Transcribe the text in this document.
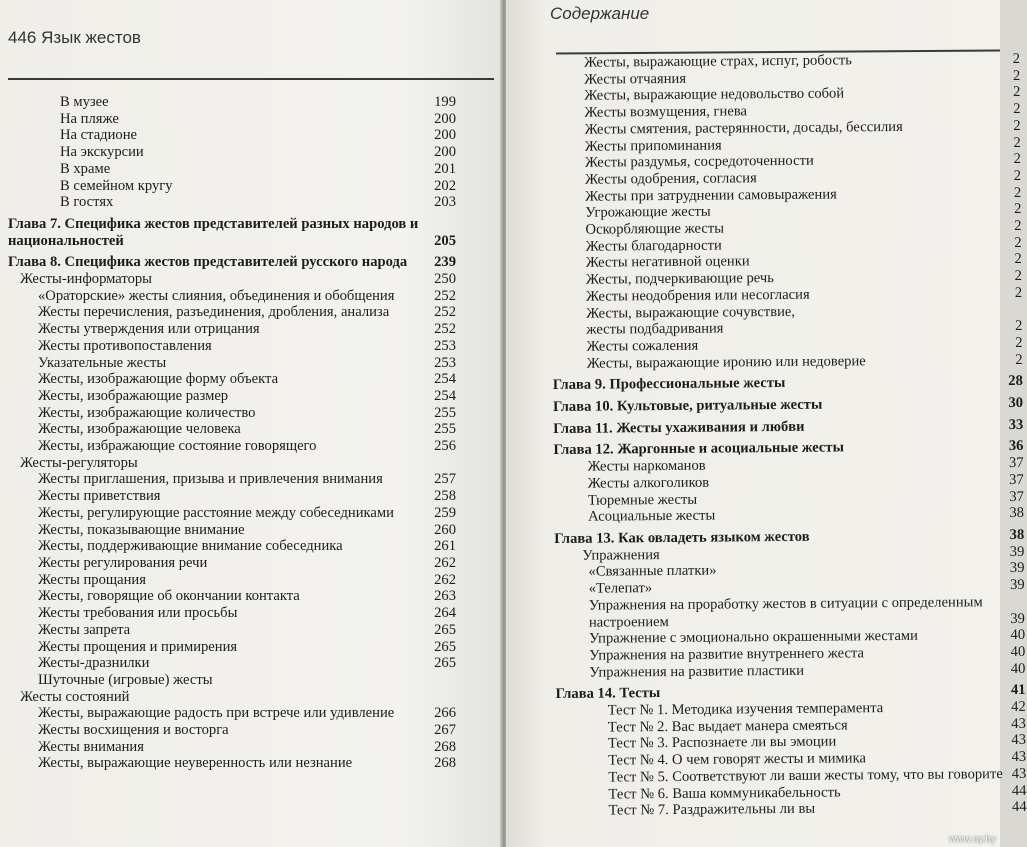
446 Язык жестов
В музее	199
На пляже	200
На стадионе	200
На экскурсии	200
В храме	201
В семейном кругу	202
В гостях	203
Глава 7. Специфика жестов представителей разных народов и национальностей	205
Глава 8. Специфика жестов представителей русского народа	239
Жесты-информаторы	250
«Ораторские» жесты слияния, объединения и обобщения	252
Жесты перечисления, разъединения, дробления, анализа	252
Жесты утверждения или отрицания	252
Жесты противопоставления	253
Указательные жесты	253
Жесты, изображающие форму объекта	254
Жесты, изображающие размер	254
Жесты, изображающие количество	255
Жесты, изображающие человека	255
Жесты, избражающие состояние говорящего	256
Жесты-регуляторы
Жесты приглашения, призыва и привлечения внимания	257
Жесты приветствия	258
Жесты, регулирующие расстояние между собеседниками	259
Жесты, показывающие внимание	260
Жесты, поддерживающие внимание собеседника	261
Жесты регулирования речи	262
Жесты прощания	262
Жесты, говорящие об окончании контакта	263
Жесты требования или просьбы	264
Жесты запрета	265
Жесты прощения и примирения	265
Жесты-дразнилки	265
Шуточные (игровые) жесты
Жесты состояний
Жесты, выражающие радость при встрече или удивление	266
Жесты восхищения и восторга	267
Жесты внимания	268
Жесты, выражающие неуверенность или незнание	268
Содержание
Жесты, выражающие страх, испуг, робость	2
Жесты отчаяния	2
Жесты, выражающие недовольство собой	2
Жесты возмущения, гнева	2
Жесты смятения, растерянности, досады, бессилия	2
Жесты припоминания	2
Жесты раздумья, сосредоточенности	2
Жесты одобрения, согласия	2
Жесты при затруднении самовыражения	2
Угрожающие жесты	2
Оскорбляющие жесты	2
Жесты благодарности	2
Жесты негативной оценки	2
Жесты, подчеркивающие речь	2
Жесты неодобрения или несогласия	2
Жесты, выражающие сочувствие,
жесты подбадривания	2
Жесты сожаления	2
Жесты, выражающие иронию или недоверие	2
Глава 9. Профессиональные жесты	28
Глава 10. Культовые, ритуальные жесты	30
Глава 11. Жесты ухаживания и любви	33
Глава 12. Жаргонные и асоциальные жесты	36
Жесты наркоманов	37
Жесты алкоголиков	37
Тюремные жесты	37
Асоциальные жесты	38
Глава 13. Как овладеть языком жестов	38
Упражнения	39
«Связанные платки»	39
«Телепат»	39
Упражнения на проработку жестов в ситуации с определенным настроением	39
Упражнение с эмоционально окрашенными жестами	40
Упражнения на развитие внутреннего жеста	40
Упражнения на развитие пластики	40
Глава 14. Тесты	41
Тест № 1. Методика изучения темперамента	42
Тест № 2. Вас выдает манера смеяться	43
Тест № 3. Распознаете ли вы эмоции	43
Тест № 4. О чем говорят жесты и мимика	43
Тест № 5. Соответствуют ли ваши жесты тому, что вы говорите 43
Тест № 6. Ваша коммуникабельность	44
Тест № 7. Раздражительны ли вы	44
www.ay.by
